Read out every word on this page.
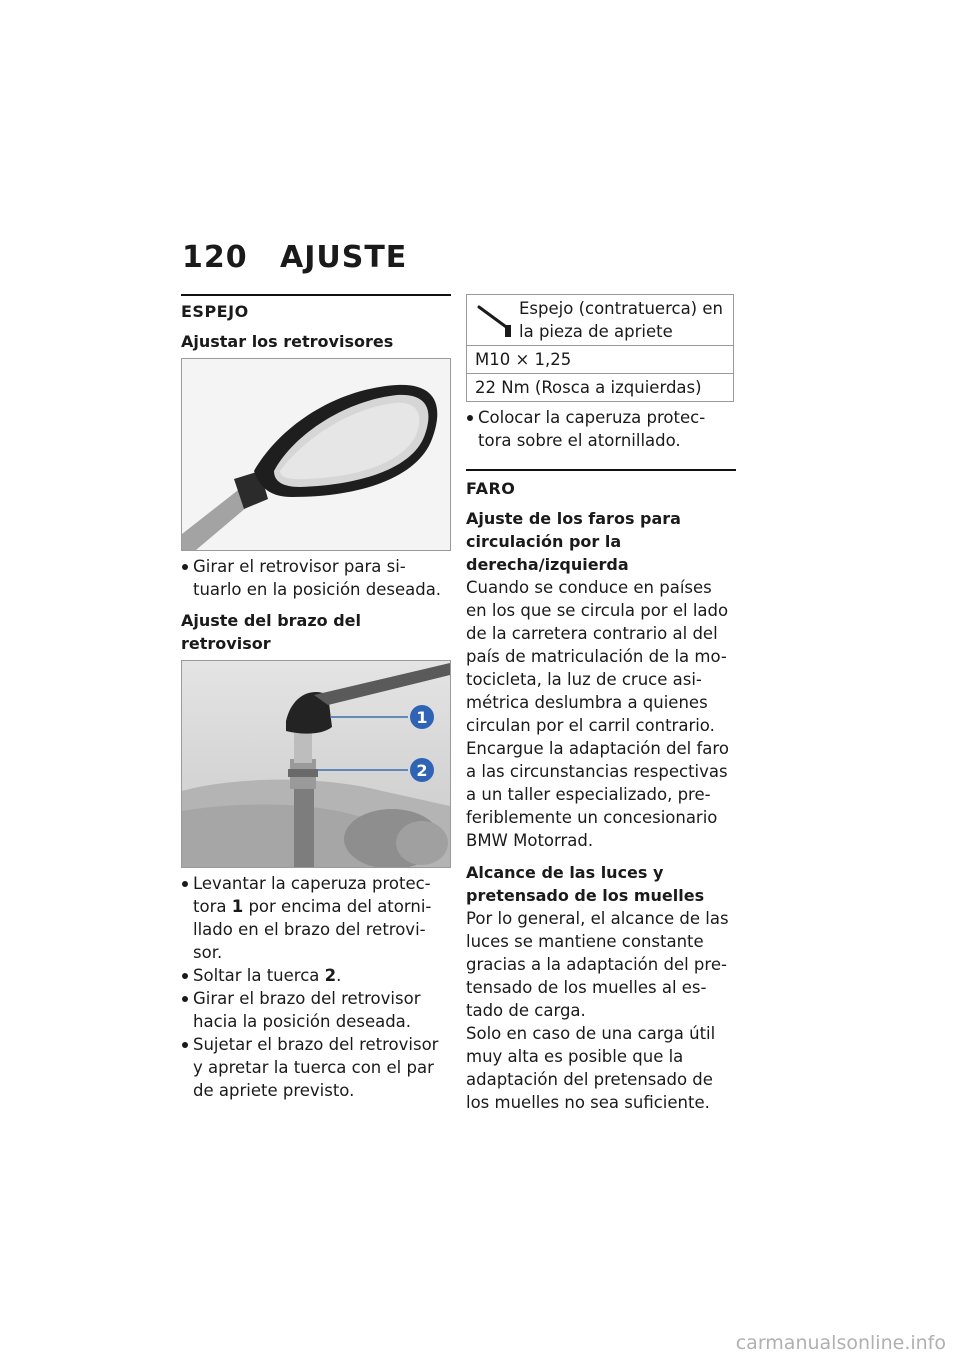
120 AJUSTE
ESPEJO
Ajustar los retrovisores
Girar el retrovisor para si-tuarlo en la posición deseada.
Ajuste del brazo del retrovisor
1
2
Levantar la caperuza protec-tora 1 por encima del atorni-llado en el brazo del retrovi-sor.
Soltar la tuerca 2.
Girar el brazo del retrovisor hacia la posición deseada.
Sujetar el brazo del retrovisor y apretar la tuerca con el par de apriete previsto.
Espejo (contratuerca) en la pieza de apriete

M10 × 1,25
22 Nm (Rosca a izquierdas)
Colocar la caperuza protec-tora sobre el atornillado.
FARO
Ajuste de los faros para circulación por la derecha/izquierda

Cuando se conduce en países en los que se circula por el lado de la carretera contrario al del país de matriculación de la mo-tocicleta, la luz de cruce asi-métrica deslumbra a quienes circulan por el carril contrario.

Encargue la adaptación del faro a las circunstancias respectivas a un taller especializado, pre-feriblemente un concesionario BMW Motorrad.

Alcance de las luces y pretensado de los muelles

Por lo general, el alcance de las luces se mantiene constante gracias a la adaptación del pre-tensado de los muelles al es-tado de carga.

Solo en caso de una carga útil muy alta es posible que la adaptación del pretensado de los muelles no sea suficiente.

carmanualsonline.info
